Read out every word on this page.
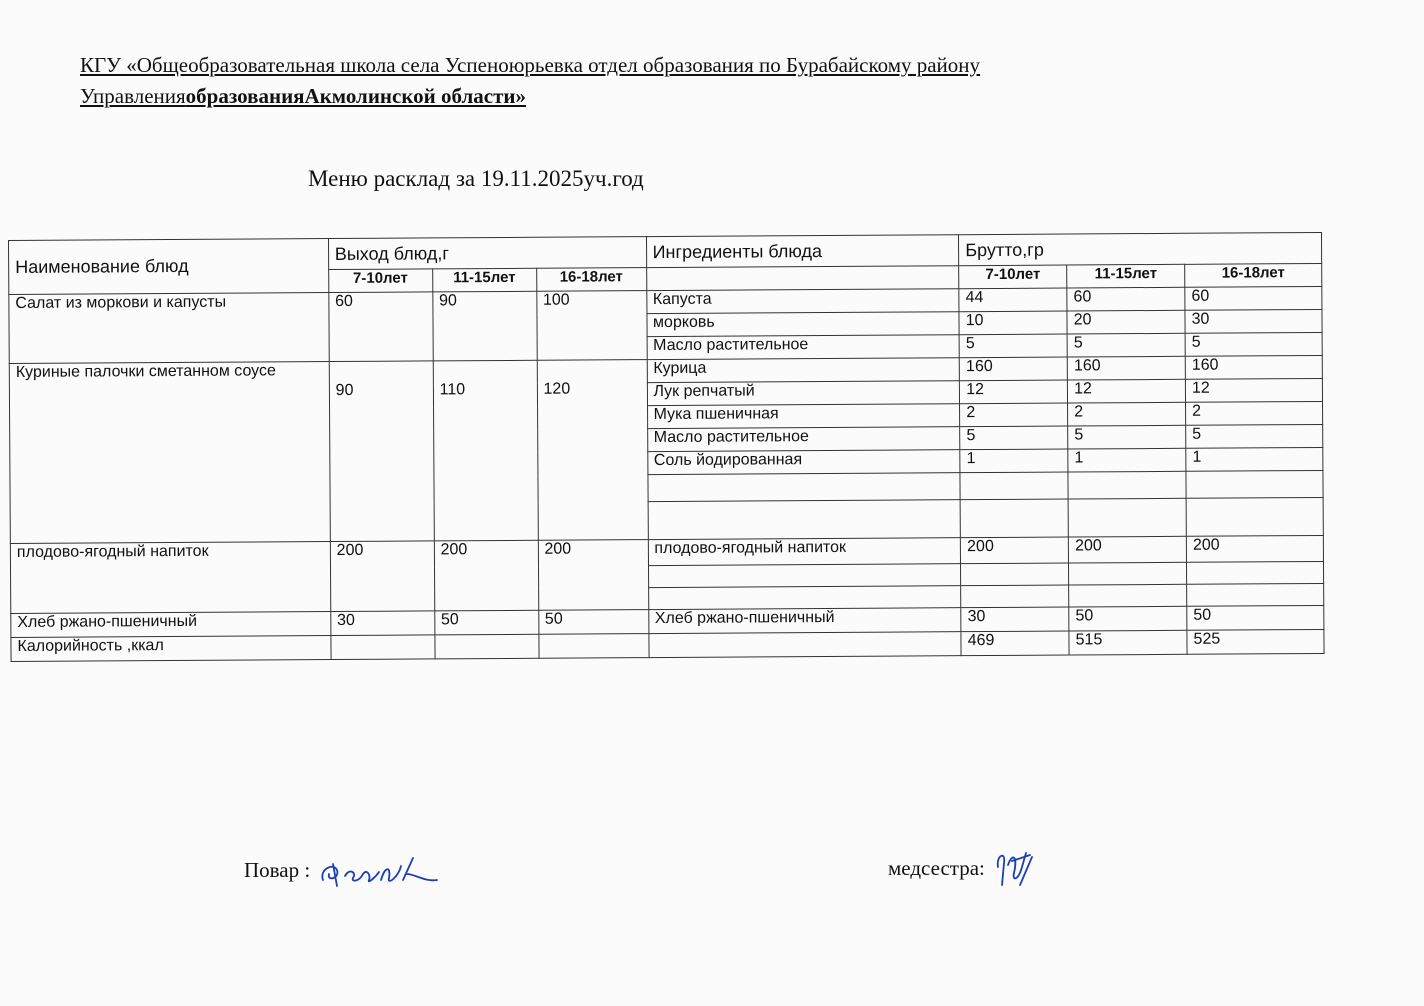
КГУ «Общеобразовательная школа села Успеноюрьевка отдел образования по Бурабайскому району
УправленияобразованияАкмолинской области»
Меню расклад за 19.11.2025уч.год
Наименование блюд	Выход блюд,г			Ингредиенты блюда	Брутто,гр		
	7-10лет	11-15лет	16-18лет		7-10лет	11-15лет	16-18лет
Салат из моркови и капусты	60	90	100	Капуста	44	60	60
				морковь	10	20	30
				Масло растительное	5	5	5
Куриные палочки сметанном соусе	90	110	120	Курица	160	160	160
				Лук репчатый	12	12	12
				Мука пшеничная	2	2	2
				Масло растительное	5	5	5
				Соль йодированная	1	1	1

плодово-ягодный напиток	200	200	200	плодово-ягодный напиток	200	200	200

Хлеб ржано-пшеничный	30	50	50	Хлеб ржано-пшеничный	30	50	50
Калорийность ,ккал					469	515	525
Повар :	медсестра:
